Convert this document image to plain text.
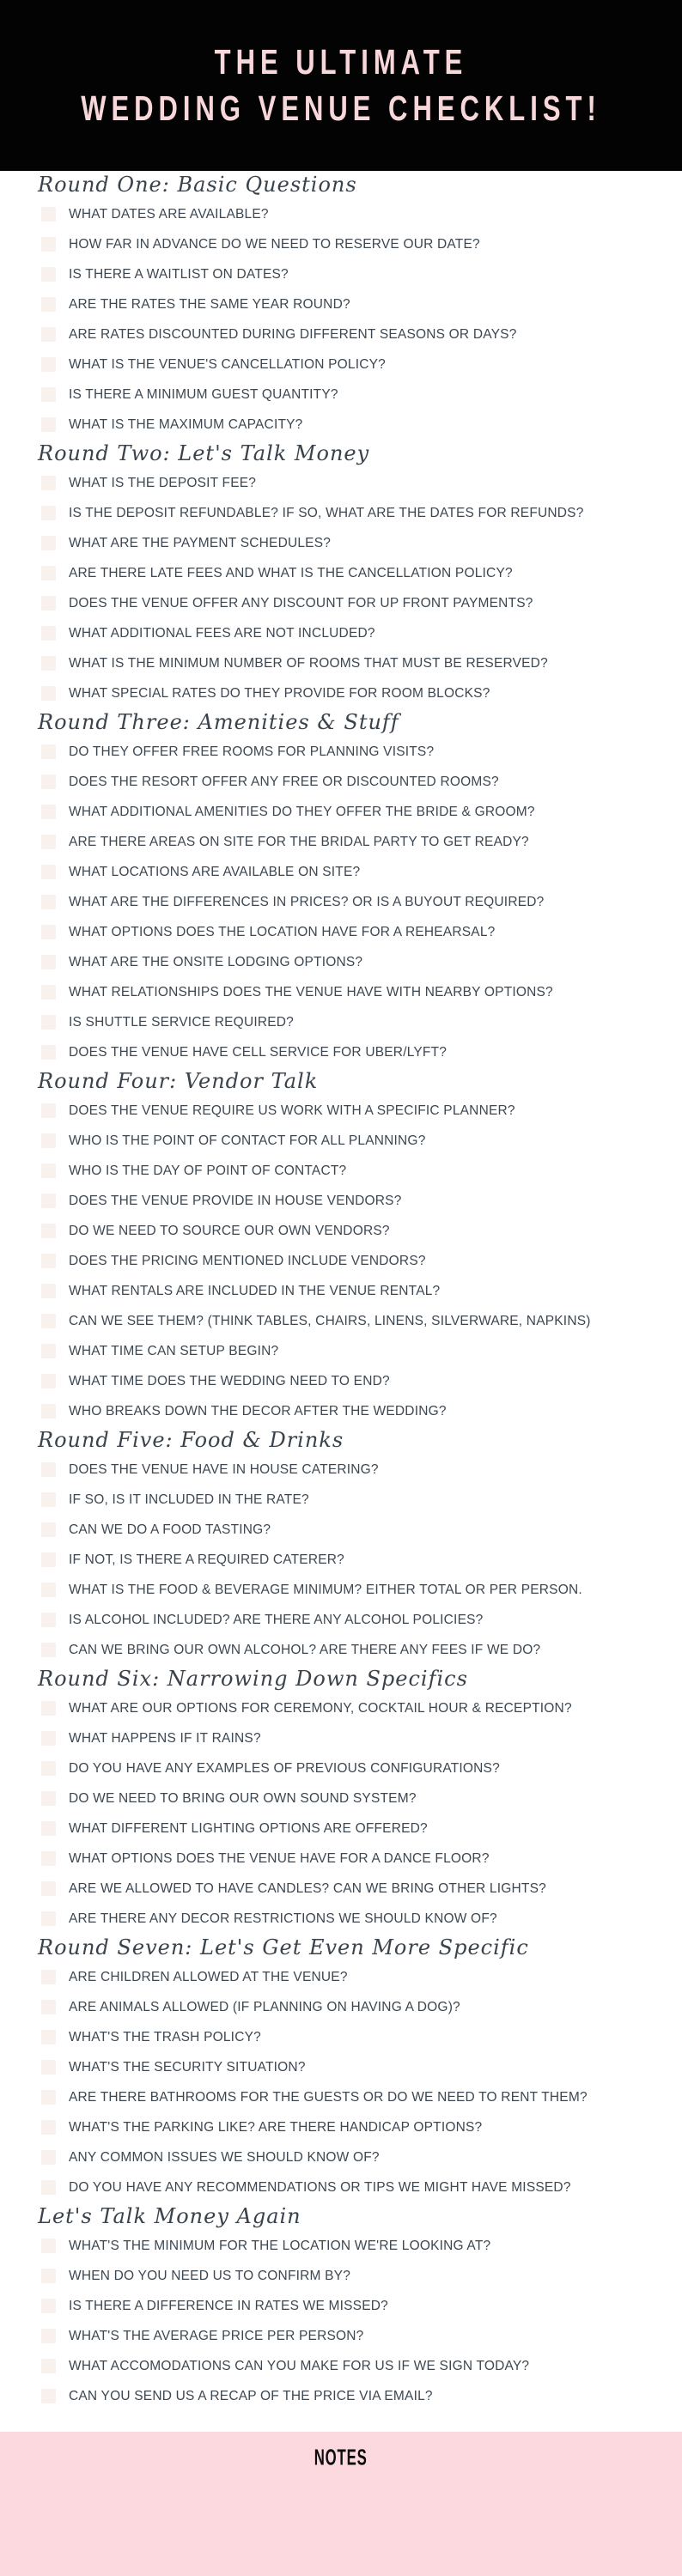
THE ULTIMATE
WEDDING VENUE CHECKLIST!
Round One: Basic Questions
WHAT DATES ARE AVAILABLE?
HOW FAR IN ADVANCE DO WE NEED TO RESERVE OUR DATE?
IS THERE A WAITLIST ON DATES?
ARE THE RATES THE SAME YEAR ROUND?
ARE RATES DISCOUNTED DURING DIFFERENT SEASONS OR DAYS?
WHAT IS THE VENUE'S CANCELLATION POLICY?
IS THERE A MINIMUM GUEST QUANTITY?
WHAT IS THE MAXIMUM CAPACITY?
Round Two: Let's Talk Money
WHAT IS THE DEPOSIT FEE?
IS THE DEPOSIT REFUNDABLE? IF SO, WHAT ARE THE DATES FOR REFUNDS?
WHAT ARE THE PAYMENT SCHEDULES?
ARE THERE LATE FEES AND WHAT IS THE CANCELLATION POLICY?
DOES THE VENUE OFFER ANY DISCOUNT FOR UP FRONT PAYMENTS?
WHAT ADDITIONAL FEES ARE NOT INCLUDED?
WHAT IS THE MINIMUM NUMBER OF ROOMS THAT MUST BE RESERVED?
WHAT SPECIAL RATES DO THEY PROVIDE FOR ROOM BLOCKS?
Round Three: Amenities & Stuff
DO THEY OFFER FREE ROOMS FOR PLANNING VISITS?
DOES THE RESORT OFFER ANY FREE OR DISCOUNTED ROOMS?
WHAT ADDITIONAL AMENITIES DO THEY OFFER THE BRIDE & GROOM?
ARE THERE AREAS ON SITE FOR THE BRIDAL PARTY TO GET READY?
WHAT LOCATIONS ARE AVAILABLE ON SITE?
WHAT ARE THE DIFFERENCES IN PRICES? OR IS A BUYOUT REQUIRED?
WHAT OPTIONS DOES THE LOCATION HAVE FOR A REHEARSAL?
WHAT ARE THE ONSITE LODGING OPTIONS?
WHAT RELATIONSHIPS DOES THE VENUE HAVE WITH NEARBY OPTIONS?
IS SHUTTLE SERVICE REQUIRED?
DOES THE VENUE HAVE CELL SERVICE FOR UBER/LYFT?
Round Four: Vendor Talk
DOES THE VENUE REQUIRE US WORK WITH A SPECIFIC PLANNER?
WHO IS THE POINT OF CONTACT FOR ALL PLANNING?
WHO IS THE DAY OF POINT OF CONTACT?
DOES THE VENUE PROVIDE IN HOUSE VENDORS?
DO WE NEED TO SOURCE OUR OWN VENDORS?
DOES THE PRICING MENTIONED INCLUDE VENDORS?
WHAT RENTALS ARE INCLUDED IN THE VENUE RENTAL?
CAN WE SEE THEM? (THINK TABLES, CHAIRS, LINENS, SILVERWARE, NAPKINS)
WHAT TIME CAN SETUP BEGIN?
WHAT TIME DOES THE WEDDING NEED TO END?
WHO BREAKS DOWN THE DECOR AFTER THE WEDDING?
Round Five: Food & Drinks
DOES THE VENUE HAVE IN HOUSE CATERING?
IF SO, IS IT INCLUDED IN THE RATE?
CAN WE DO A FOOD TASTING?
IF NOT, IS THERE A REQUIRED CATERER?
WHAT IS THE FOOD & BEVERAGE MINIMUM? EITHER TOTAL OR PER PERSON.
IS ALCOHOL INCLUDED? ARE THERE ANY ALCOHOL POLICIES?
CAN WE BRING OUR OWN ALCOHOL? ARE THERE ANY FEES IF WE DO?
Round Six: Narrowing Down Specifics
WHAT ARE OUR OPTIONS FOR CEREMONY, COCKTAIL HOUR & RECEPTION?
WHAT HAPPENS IF IT RAINS?
DO YOU HAVE ANY EXAMPLES OF PREVIOUS CONFIGURATIONS?
DO WE NEED TO BRING OUR OWN SOUND SYSTEM?
WHAT DIFFERENT LIGHTING OPTIONS ARE OFFERED?
WHAT OPTIONS DOES THE VENUE HAVE FOR A DANCE FLOOR?
ARE WE ALLOWED TO HAVE CANDLES? CAN WE BRING OTHER LIGHTS?
ARE THERE ANY DECOR RESTRICTIONS WE SHOULD KNOW OF?
Round Seven: Let's Get Even More Specific
ARE CHILDREN ALLOWED AT THE VENUE?
ARE ANIMALS ALLOWED (IF PLANNING ON HAVING A DOG)?
WHAT'S THE TRASH POLICY?
WHAT'S THE SECURITY SITUATION?
ARE THERE BATHROOMS FOR THE GUESTS OR DO WE NEED TO RENT THEM?
WHAT'S THE PARKING LIKE? ARE THERE HANDICAP OPTIONS?
ANY COMMON ISSUES WE SHOULD KNOW OF?
DO YOU HAVE ANY RECOMMENDATIONS OR TIPS WE MIGHT HAVE MISSED?
Let's Talk Money Again
WHAT'S THE MINIMUM FOR THE LOCATION WE'RE LOOKING AT?
WHEN DO YOU NEED US TO CONFIRM BY?
IS THERE A DIFFERENCE IN RATES WE MISSED?
WHAT'S THE AVERAGE PRICE PER PERSON?
WHAT ACCOMODATIONS CAN YOU MAKE FOR US IF WE SIGN TODAY?
CAN YOU SEND US A RECAP OF THE PRICE VIA EMAIL?
NOTES
